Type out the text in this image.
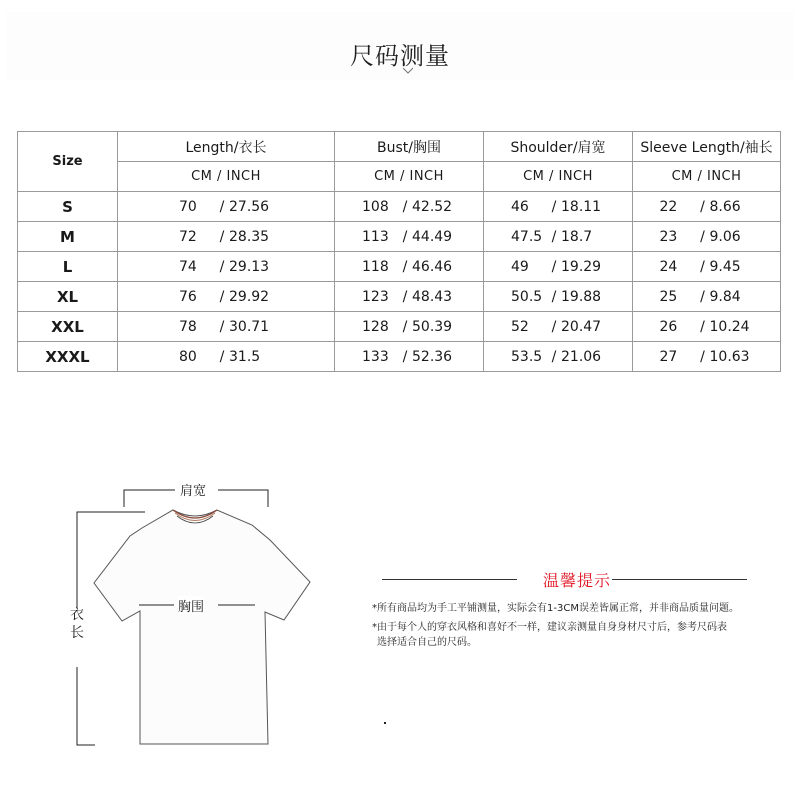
尺码测量
Size	Length/衣长	Bust/胸围	Shoulder/肩宽	Sleeve Length/袖长
	CM / INCH	CM / INCH	CM / INCH	CM / INCH
S	70 / 27.56	108 / 42.52	46 / 18.11	22 / 8.66
M	72 / 28.35	113 / 44.49	47.5 / 18.7	23 / 9.06
L	74 / 29.13	118 / 46.46	49 / 19.29	24 / 9.45
XL	76 / 29.92	123 / 48.43	50.5 / 19.88	25 / 9.84
XXL	78 / 30.71	128 / 50.39	52 / 20.47	26 / 10.24
XXXL	80 / 31.5	133 / 52.36	53.5 / 21.06	27 / 10.63
肩宽
胸围
衣
长
温馨提示

*所有商品均为手工平铺测量，实际会有1-3CM误差皆属正常，并非商品质量问题。

*由于每个人的穿衣风格和喜好不一样，建议亲测量自身身材尺寸后，参考尺码表

选择适合自己的尺码。
